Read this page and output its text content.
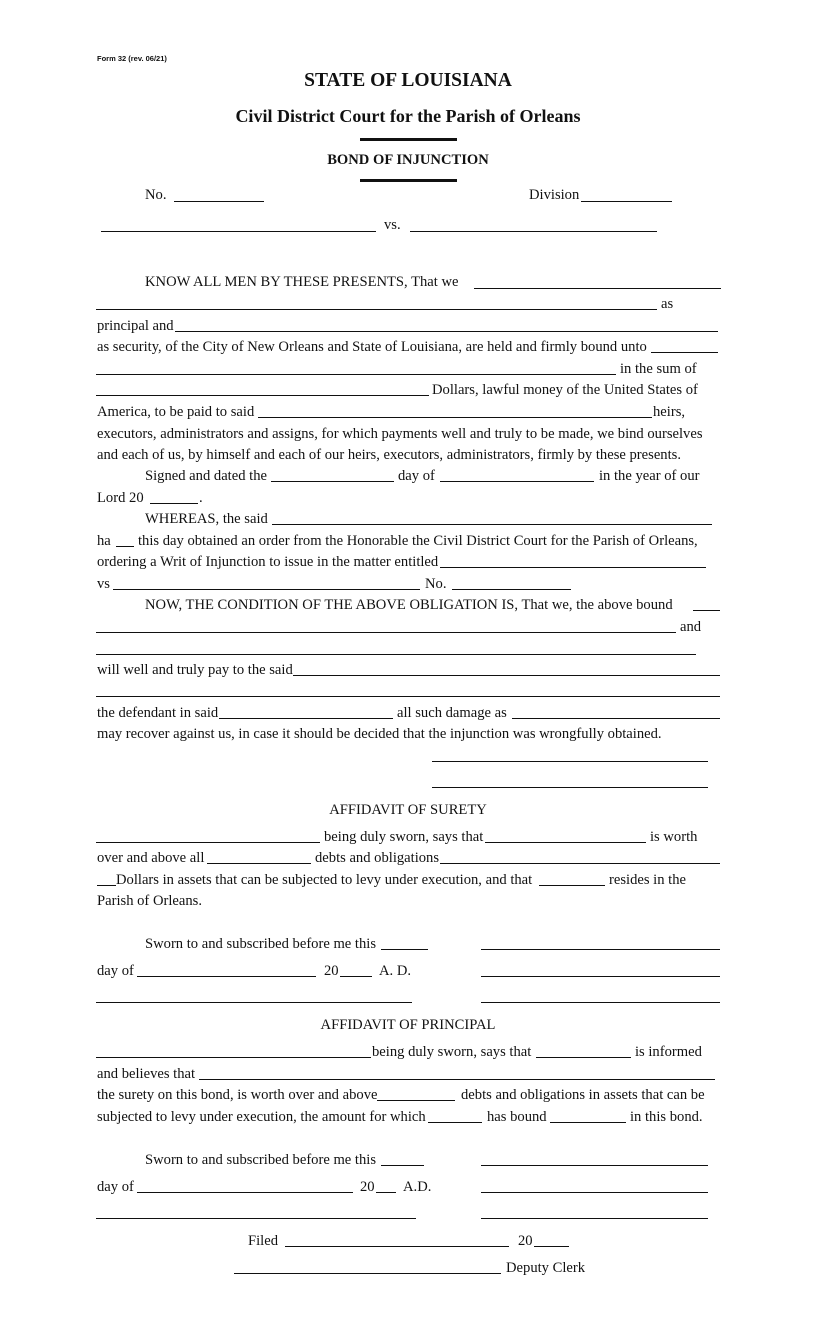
Form 32 (rev. 06/21)
STATE OF LOUISIANA
Civil District Court for the Parish of Orleans
BOND OF INJUNCTION
No.	Division
vs.
KNOW ALL MEN BY THESE PRESENTS, That we
as
principal and
as security, of the City of New Orleans and State of Louisiana, are held and firmly bound unto
in the sum of
Dollars, lawful money of the United States of
America, to be paid to said	heirs,
executors, administrators and assigns, for which payments well and truly to be made, we bind ourselves
and each of us, by himself and each of our heirs, executors, administrators, firmly by these presents.
Signed and dated the	day of	in the year of our
Lord 20	.
WHEREAS, the said
ha this day obtained an order from the Honorable the Civil District Court for the Parish of Orleans,
ordering a Writ of Injunction to issue in the matter entitled
vs	No.
NOW, THE CONDITION OF THE ABOVE OBLIGATION IS, That we, the above bound
and
will well and truly pay to the said
the defendant in said	all such damage as
may recover against us, in case it should be decided that the injunction was wrongfully obtained.
AFFIDAVIT OF SURETY
being duly sworn, says that	is worth
over and above all	debts and obligations
Dollars in assets that can be subjected to levy under execution, and that	resides in the
Parish of Orleans.
Sworn to and subscribed before me this
day of	20	A. D.
AFFIDAVIT OF PRINCIPAL
being duly sworn, says that	is informed
and believes that
the surety on this bond, is worth over and above	debts and obligations in assets that can be
subjected to levy under execution, the amount for which	has bound	in this bond.
Sworn to and subscribed before me this
day of	20 A.D.
Filed	20
Deputy Clerk
